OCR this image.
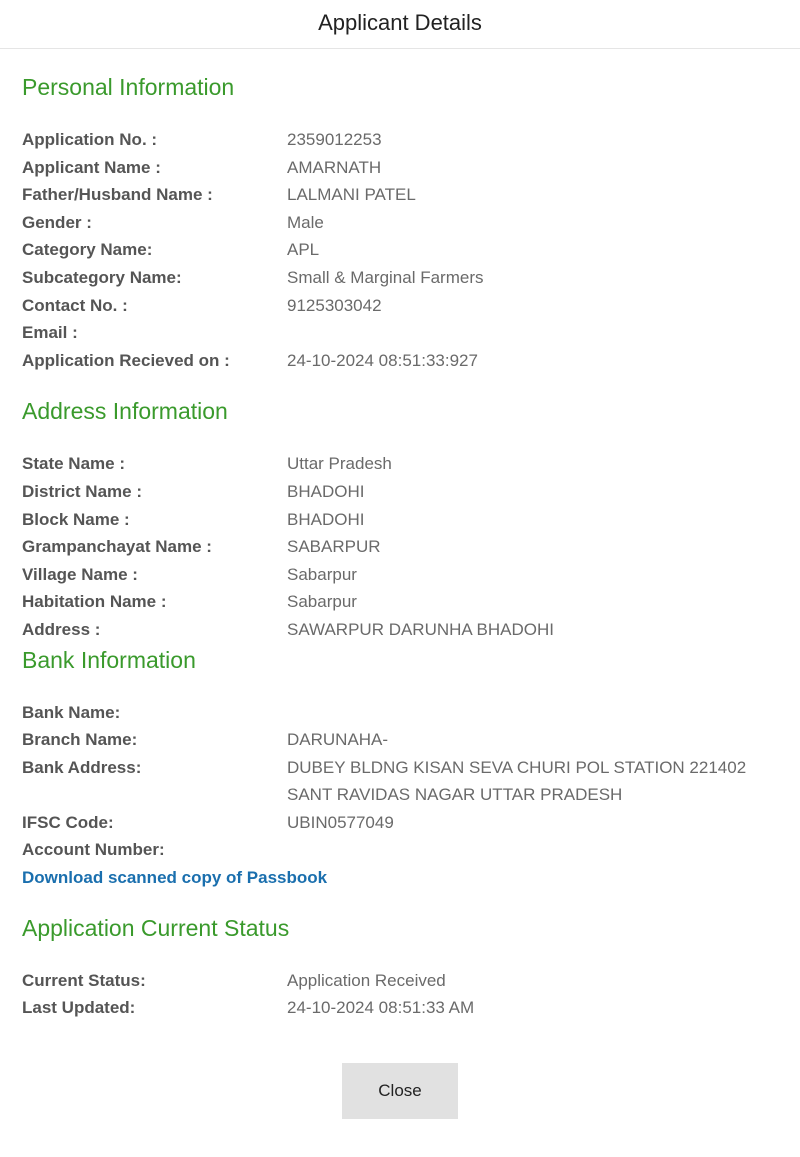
Applicant Details
Personal Information
Application No. :	2359012253
Applicant Name :	AMARNATH
Father/Husband Name :	LALMANI PATEL
Gender :	Male
Category Name:	APL
Subcategory Name:	Small & Marginal Farmers
Contact No. :	9125303042
Email :
Application Recieved on :	24-10-2024 08:51:33:927
Address Information
State Name :	Uttar Pradesh
District Name :	BHADOHI
Block Name :	BHADOHI
Grampanchayat Name :	SABARPUR
Village Name :	Sabarpur
Habitation Name :	Sabarpur
Address :	SAWARPUR DARUNHA BHADOHI
Bank Information
Bank Name:
Branch Name:	DARUNAHA-
Bank Address:	DUBEY BLDNG KISAN SEVA CHURI POL STATION 221402 SANT RAVIDAS NAGAR UTTAR PRADESH
IFSC Code:	UBIN0577049
Account Number:
Download scanned copy of Passbook
Application Current Status
Current Status:	Application Received
Last Updated:	24-10-2024 08:51:33 AM
Close
